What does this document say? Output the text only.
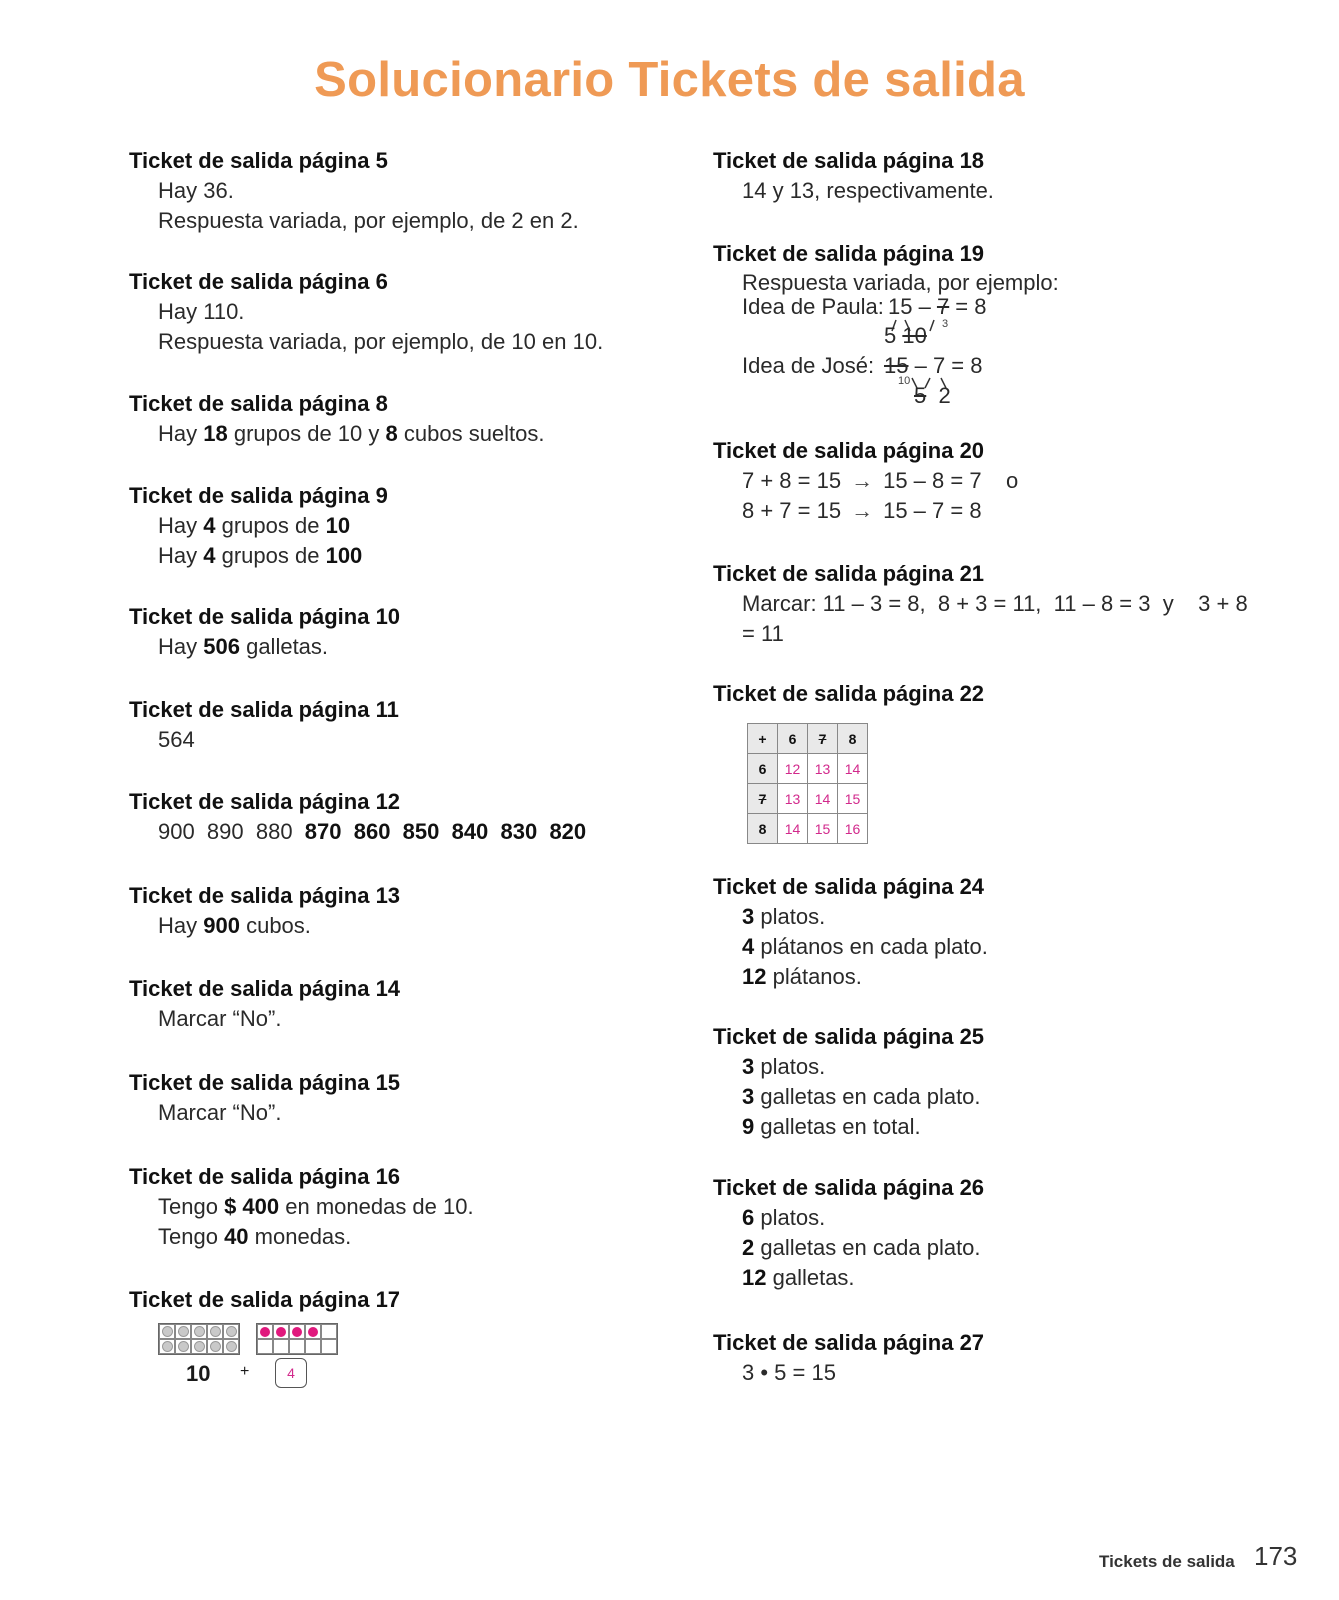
Solucionario Tickets de salida
Ticket de salida página 5
Hay 36.
Respuesta variada, por ejemplo, de 2 en 2.
Ticket de salida página 6
Hay 110.
Respuesta variada, por ejemplo, de 10 en 10.
Ticket de salida página 8
Hay 18 grupos de 10 y 8 cubos sueltos.
Ticket de salida página 9
Hay 4 grupos de 10
Hay 4 grupos de 100
Ticket de salida página 10
Hay 506 galletas.
Ticket de salida página 11
564
Ticket de salida página 12
900  890  880  870  860  850  840  830  820
Ticket de salida página 13
Hay 900 cubos.
Ticket de salida página 14
Marcar “No”.
Ticket de salida página 15
Marcar “No”.
Ticket de salida página 16
Tengo $ 400 en monedas de 10.
Tengo 40 monedas.
Ticket de salida página 17
10 +	4
Ticket de salida página 18
14 y 13, respectivamente.
Ticket de salida página 19
Respuesta variada, por ejemplo:
Idea de Paula: 15 – 7 = 8
3
5 10
Idea de José: 15 – 7 = 8
10
5  2
Ticket de salida página 20
7 + 8 = 15 → 15 – 8 = 7 o
8 + 7 = 15 → 15 – 7 = 8
Ticket de salida página 21
Marcar: 11 – 3 = 8,  8 + 3 = 11,  11 – 8 = 3  y    3 + 8
= 11
Ticket de salida página 22
+	6	7	8
6	12	13	14
7	13	14	15
8	14	15	16
Ticket de salida página 24
3 platos.
4 plátanos en cada plato.
12 plátanos.
Ticket de salida página 25
3 platos.
3 galletas en cada plato.
9 galletas en total.
Ticket de salida página 26
6 platos.
2 galletas en cada plato.
12 galletas.
Ticket de salida página 27
3 • 5 = 15
Tickets de salida 173
